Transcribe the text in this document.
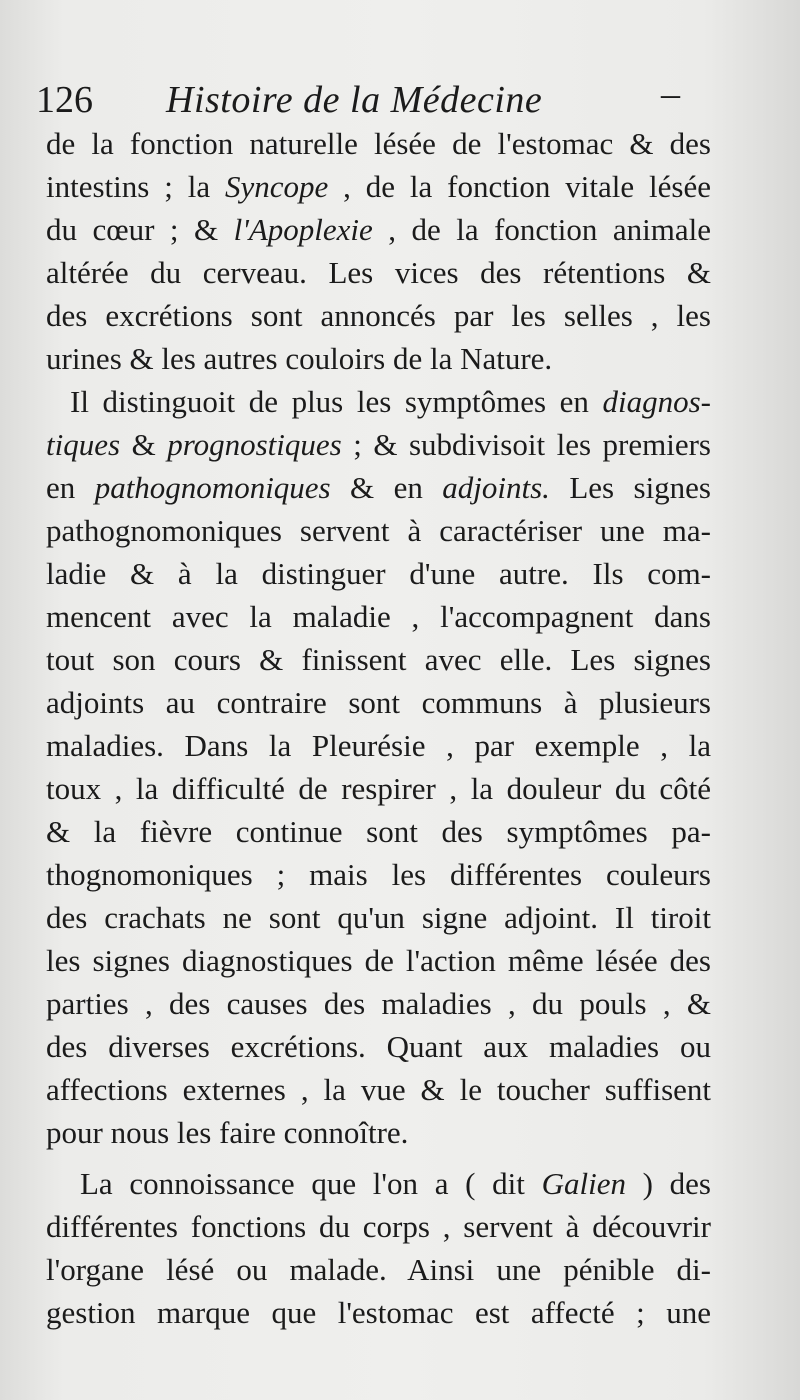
126 Histoire de la Médecine	–
de la fonction naturelle lésée de l'estomac & des
intestins ; la Syncope , de la fonction vitale lésée
du cœur ; & l'Apoplexie , de la fonction animale
altérée du cerveau. Les vices des rétentions &
des excrétions sont annoncés par les selles , les
urines & les autres couloirs de la Nature.
Il distinguoit de plus les symptômes en diagnos-
tiques & prognostiques ; & subdivisoit les premiers
en pathognomoniques & en adjoints. Les signes
pathognomoniques servent à caractériser une ma-
ladie & à la distinguer d'une autre. Ils com-
mencent avec la maladie , l'accompagnent dans
tout son cours & finissent avec elle. Les signes
adjoints au contraire sont communs à plusieurs
maladies. Dans la Pleurésie , par exemple , la
toux , la difficulté de respirer , la douleur du côté
& la fièvre continue sont des symptômes pa-
thognomoniques ; mais les différentes couleurs
des crachats ne sont qu'un signe adjoint. Il tiroit
les signes diagnostiques de l'action même lésée des
parties , des causes des maladies , du pouls , &
des diverses excrétions. Quant aux maladies ou
affections externes , la vue & le toucher suffisent
pour nous les faire connoître.
La connoissance que l'on a ( dit Galien ) des
différentes fonctions du corps , servent à découvrir
l'organe lésé ou malade. Ainsi une pénible di-
gestion marque que l'estomac est affecté ; une
